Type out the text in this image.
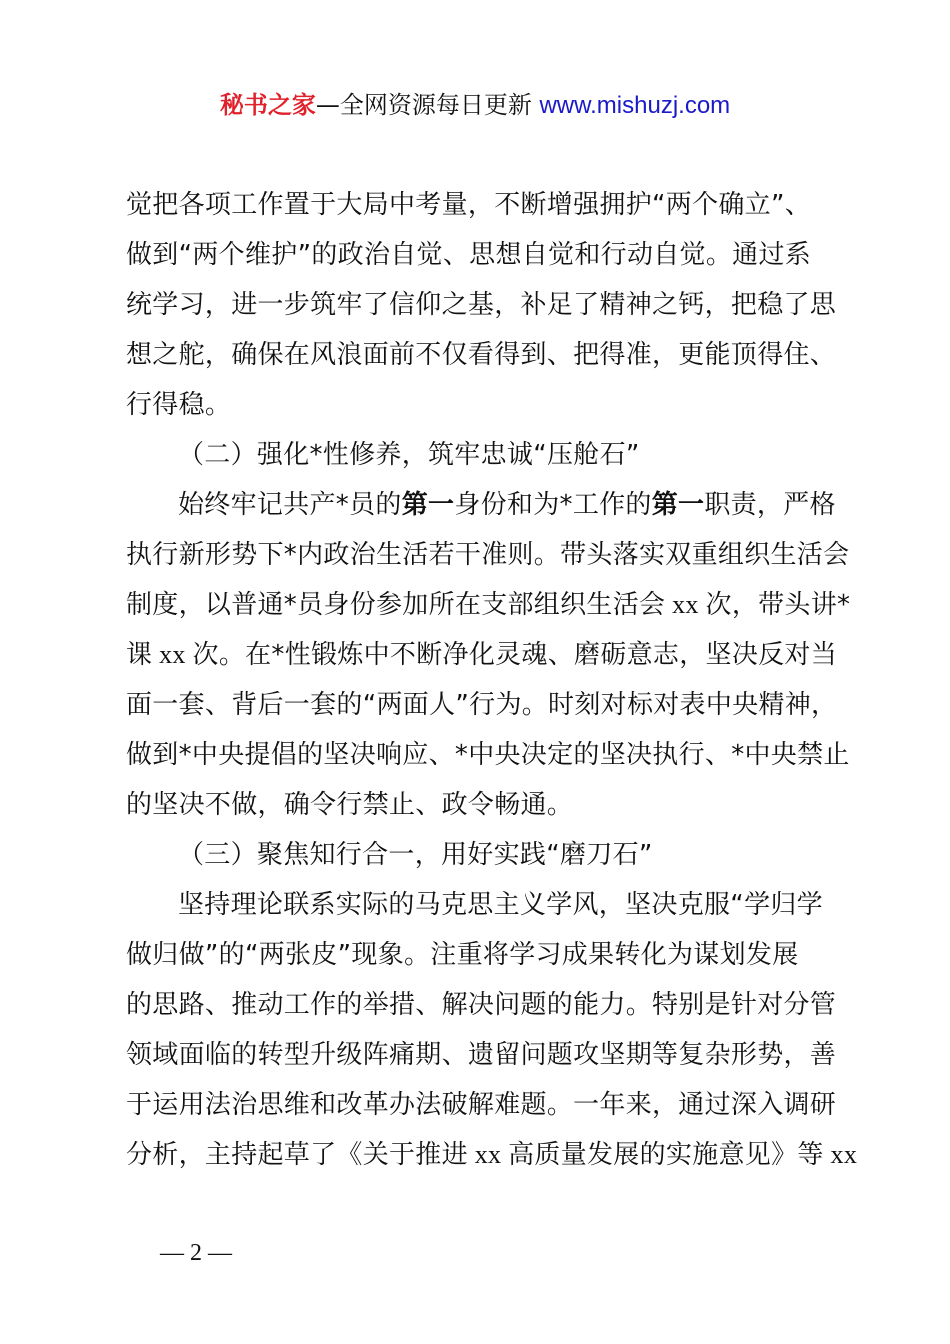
秘书之家—全网资源每日更新 www.mishuzj.com
觉把各项工作置于大局中考量，不断增强拥护“两个确立”、
做到“两个维护”的政治自觉、思想自觉和行动自觉。通过系
统学习，进一步筑牢了信仰之基，补足了精神之钙，把稳了思
想之舵，确保在风浪面前不仅看得到、把得准，更能顶得住、
行得稳。
（二）强化*性修养，筑牢忠诚“压舱石”
始终牢记共产*员的第一身份和为*工作的第一职责，严格
执行新形势下*内政治生活若干准则。带头落实双重组织生活会
制度，以普通*员身份参加所在支部组织生活会 xx 次，带头讲*
课 xx 次。在*性锻炼中不断净化灵魂、磨砺意志，坚决反对当
面一套、背后一套的“两面人”行为。时刻对标对表中央精神，
做到*中央提倡的坚决响应、*中央决定的坚决执行、*中央禁止
的坚决不做，确令行禁止、政令畅通。
（三）聚焦知行合一，用好实践“磨刀石”
坚持理论联系实际的马克思主义学风，坚决克服“学归学
做归做”的“两张皮”现象。注重将学习成果转化为谋划发展
的思路、推动工作的举措、解决问题的能力。特别是针对分管
领域面临的转型升级阵痛期、遗留问题攻坚期等复杂形势，善
于运用法治思维和改革办法破解难题。一年来，通过深入调研
分析，主持起草了《关于推进 xx 高质量发展的实施意见》等 xx
— 2 —
